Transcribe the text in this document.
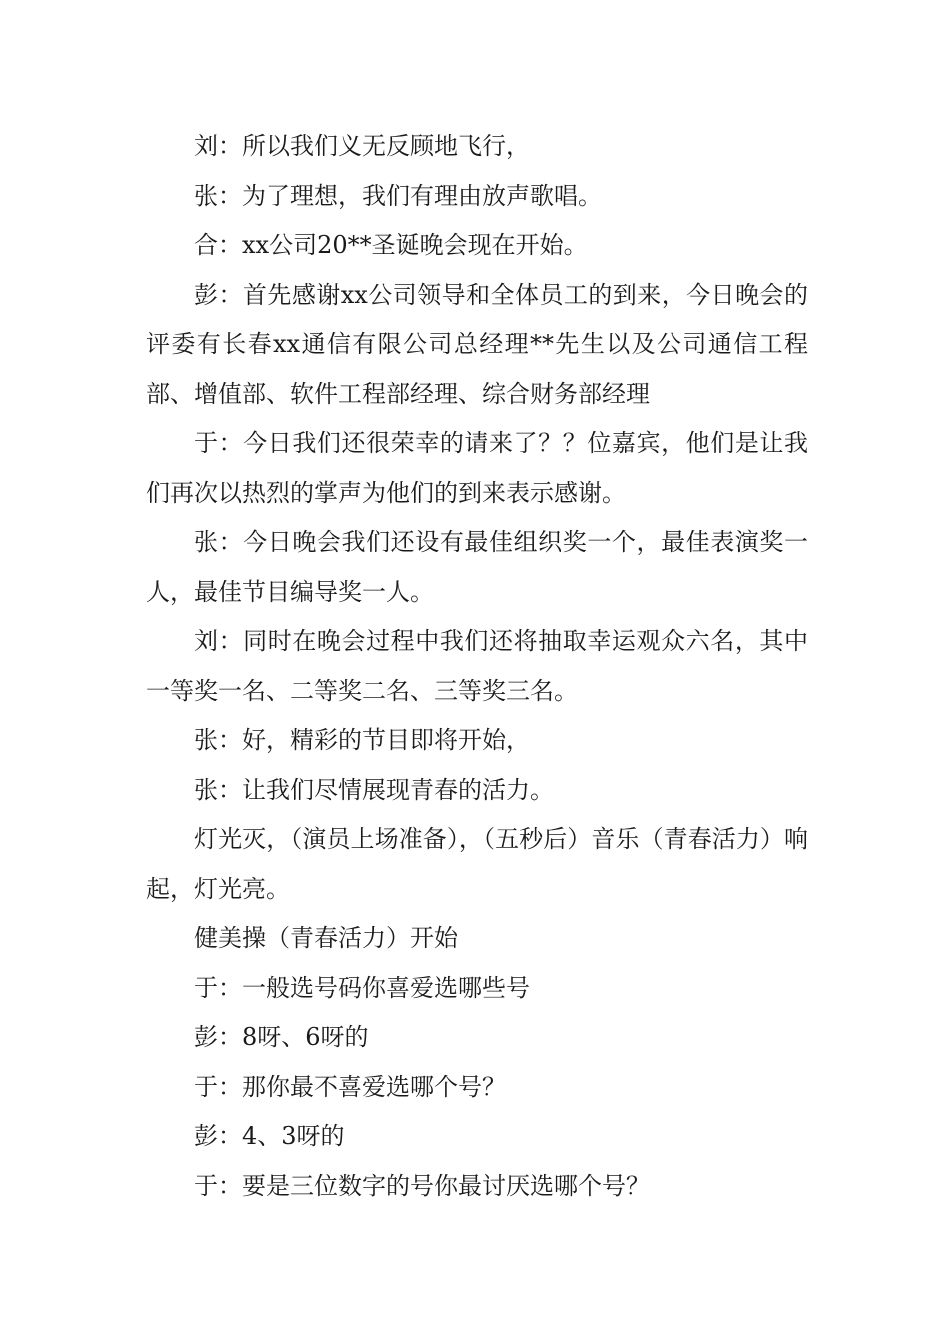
刘：所以我们义无反顾地飞行，

张：为了理想，我们有理由放声歌唱。

合：xx公司20**圣诞晚会现在开始。

彭：首先感谢xx公司领导和全体员工的到来，今日晚会的评委有长春xx通信有限公司总经理**先生以及公司通信工程部、增值部、软件工程部经理、综合财务部经理

于：今日我们还很荣幸的请来了？？位嘉宾，他们是让我们再次以热烈的掌声为他们的到来表示感谢。

张：今日晚会我们还设有最佳组织奖一个，最佳表演奖一人，最佳节目编导奖一人。

刘：同时在晚会过程中我们还将抽取幸运观众六名，其中一等奖一名、二等奖二名、三等奖三名。

张：好，精彩的节目即将开始，

张：让我们尽情展现青春的活力。

灯光灭，（演员上场准备），（五秒后）音乐（青春活力）响起，灯光亮。

健美操（青春活力）开始

于：一般选号码你喜爱选哪些号

彭：8呀、6呀的

于：那你最不喜爱选哪个号？

彭：4、3呀的

于：要是三位数字的号你最讨厌选哪个号？
